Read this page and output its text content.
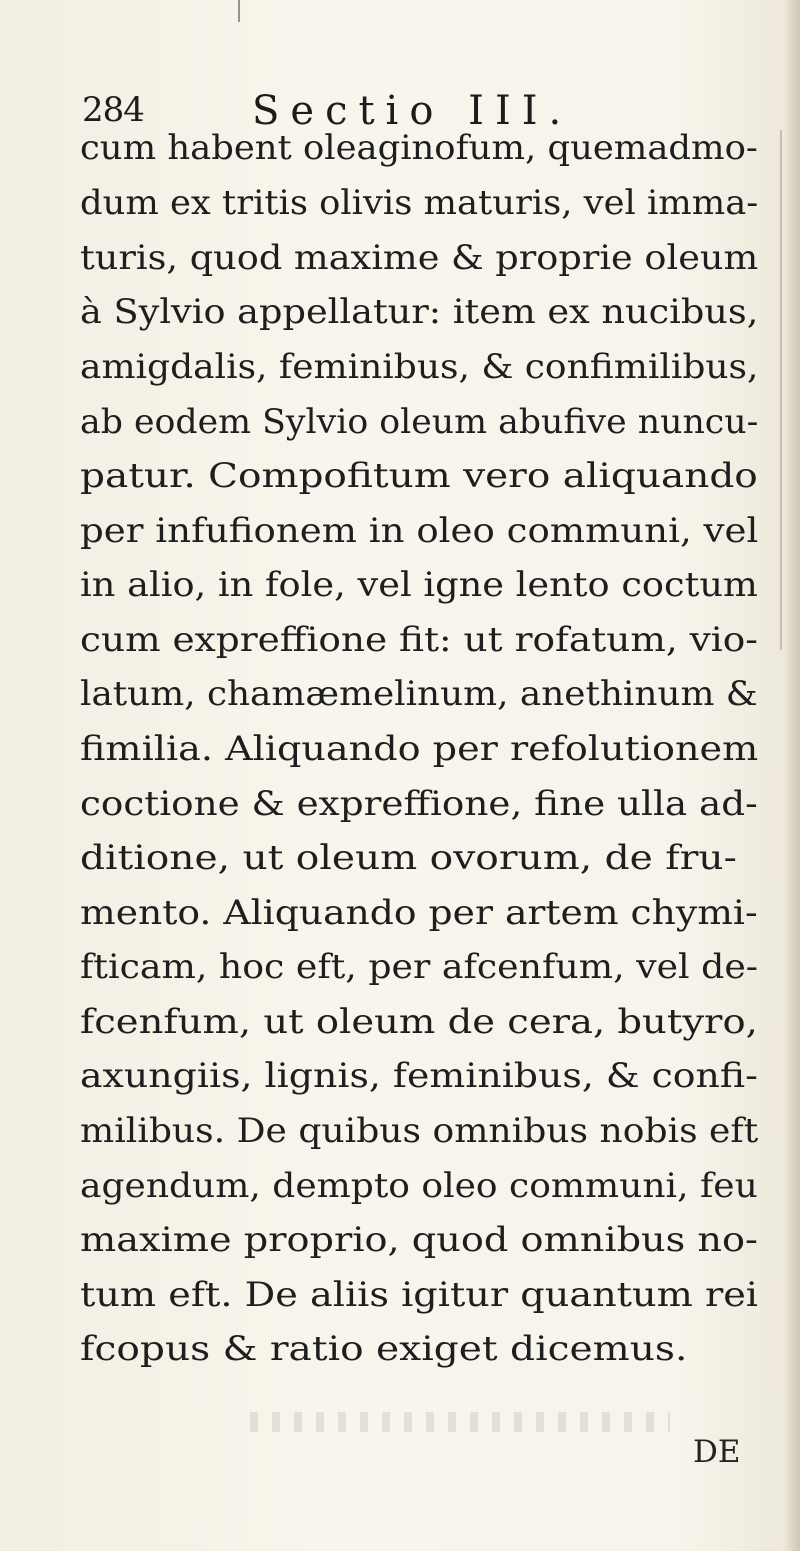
284	Sectio III.
cum habent oleaginofum, quemadmo-
dum ex tritis olivis maturis, vel imma-
turis, quod maxime & proprie oleum
à Sylvio appellatur: item ex nucibus,
amigdalis, feminibus, & confimilibus,
ab eodem Sylvio oleum abufive nuncu-
patur. Compofitum vero aliquando
per infufionem in oleo communi, vel
in alio, in fole, vel igne lento coctum
cum expreffione fit: ut rofatum, vio-
latum, chamæmelinum, anethinum &
fimilia. Aliquando per refolutionem
coctione & expreffione, fine ulla ad-
ditione, ut oleum ovorum, de fru-
mento. Aliquando per artem chymi-
fticam, hoc eft, per afcenfum, vel de-
fcenfum, ut oleum de cera, butyro,
axungiis, lignis, feminibus, & confi-
milibus. De quibus omnibus nobis eft
agendum, dempto oleo communi, feu
maxime proprio, quod omnibus no-
tum eft. De aliis igitur quantum rei
fcopus & ratio exiget dicemus.
DE
